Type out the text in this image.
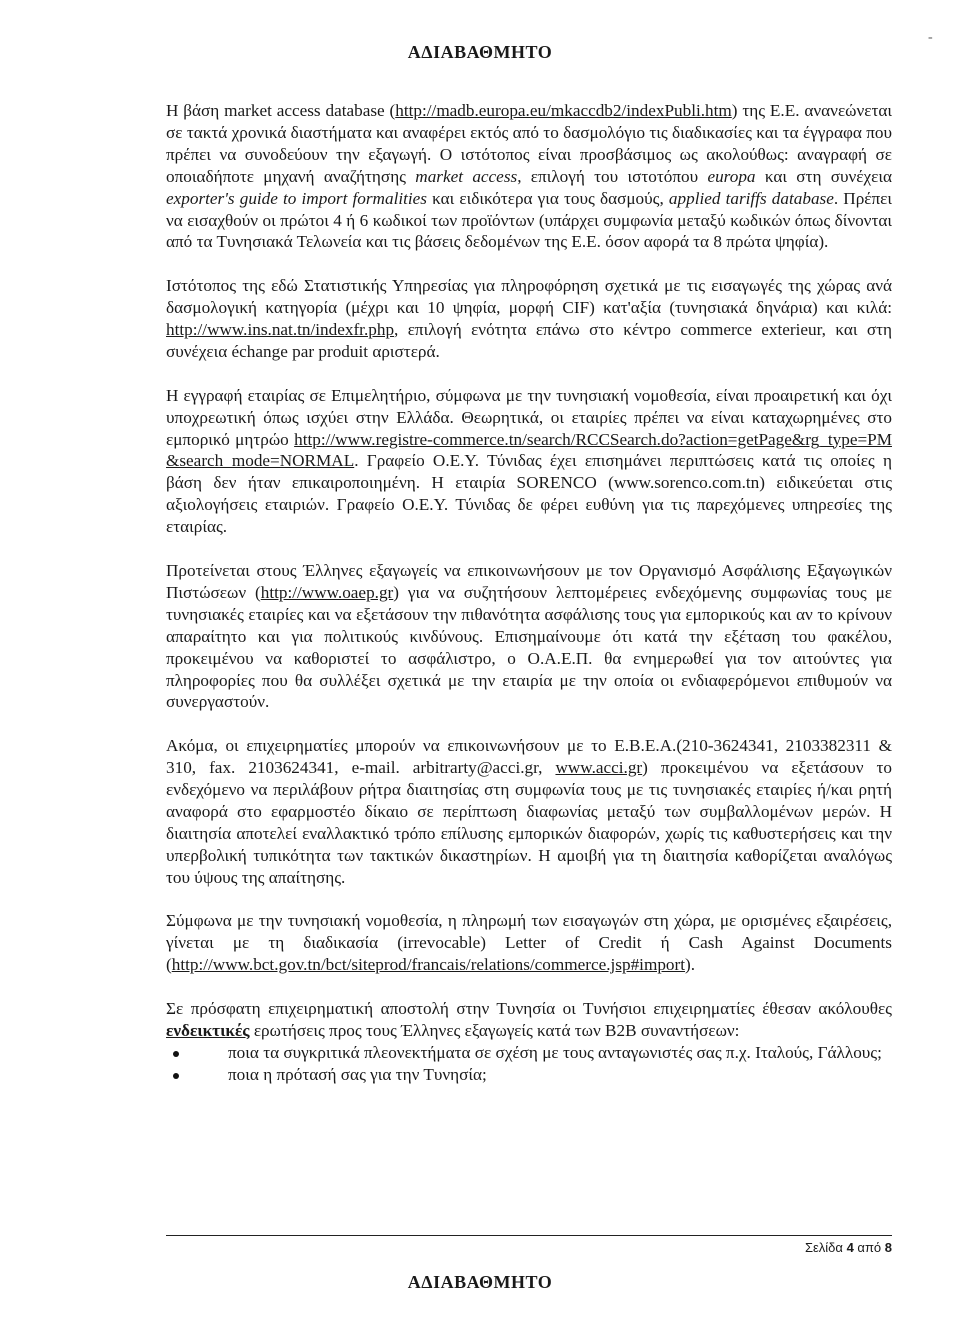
-
ΑΔΙΑΒΑΘΜΗΤΟ

Η βάση market access database (http://madb.europa.eu/mkaccdb2/indexPubli.htm) της Ε.Ε. ανανεώνεται σε τακτά χρονικά διαστήματα και αναφέρει εκτός από το δασμολόγιο τις διαδικασίες και τα έγγραφα που πρέπει να συνοδεύουν την εξαγωγή. Ο ιστότοπος είναι προσβάσιμος ως ακολούθως: αναγραφή σε οποιαδήποτε μηχανή αναζήτησης market access, επιλογή του ιστοτόπου europa και στη συνέχεια exporter's guide to import formalities και ειδικότερα για τους δασμούς, applied tariffs database. Πρέπει να εισαχθούν οι πρώτοι 4 ή 6 κωδικοί των προϊόντων (υπάρχει συμφωνία μεταξύ κωδικών όπως δίνονται από τα Τυνησιακά Τελωνεία και τις βάσεις δεδομένων της Ε.Ε. όσον αφορά τα 8 πρώτα ψηφία).

Ιστότοπος της εδώ Στατιστικής Υπηρεσίας για πληροφόρηση σχετικά με τις εισαγωγές της χώρας ανά δασμολογική κατηγορία (μέχρι και 10 ψηφία, μορφή CIF) κατ'αξία (τυνησιακά δηνάρια) και κιλά: http://www.ins.nat.tn/indexfr.php, επιλογή ενότητα επάνω στο κέντρο commerce exterieur, και στη συνέχεια échange par produit αριστερά.

Η εγγραφή εταιρίας σε Επιμελητήριο, σύμφωνα με την τυνησιακή νομοθεσία, είναι προαιρετική και όχι υποχρεωτική όπως ισχύει στην Ελλάδα. Θεωρητικά, οι εταιρίες πρέπει να είναι καταχωρημένες στο εμπορικό μητρώο http://www.registre-commerce.tn/search/RCCSearch.do?action=getPage&rg_type=PM&search_mode=NORMAL. Γραφείο Ο.Ε.Υ. Τύνιδας έχει επισημάνει περιπτώσεις κατά τις οποίες η βάση δεν ήταν επικαιροποιημένη. Η εταιρία SORENCO (www.sorenco.com.tn) ειδικεύεται στις αξιολογήσεις εταιριών. Γραφείο Ο.Ε.Υ. Τύνιδας δε φέρει ευθύνη για τις παρεχόμενες υπηρεσίες της εταιρίας.

Προτείνεται στους Έλληνες εξαγωγείς να επικοινωνήσουν με τον Οργανισμό Ασφάλισης Εξαγωγικών Πιστώσεων (http://www.oaep.gr) για να συζητήσουν λεπτομέρειες ενδεχόμενης συμφωνίας τους με τυνησιακές εταιρίες και να εξετάσουν την πιθανότητα ασφάλισης τους για εμπορικούς και αν το κρίνουν απαραίτητο και για πολιτικούς κινδύνους. Επισημαίνουμε ότι κατά την εξέταση του φακέλου, προκειμένου να καθοριστεί το ασφάλιστρο, ο Ο.Α.Ε.Π. θα ενημερωθεί για τον αιτούντες για πληροφορίες που θα συλλέξει σχετικά με την εταιρία με την οποία οι ενδιαφερόμενοι επιθυμούν να συνεργαστούν.

Ακόμα, οι επιχειρηματίες μπορούν να επικοινωνήσουν με το Ε.Β.Ε.Α.(210-3624341, 2103382311 & 310, fax. 2103624341, e-mail. arbitrarty@acci.gr, www.acci.gr) προκειμένου να εξετάσουν το ενδεχόμενο να περιλάβουν ρήτρα διαιτησίας στη συμφωνία τους με τις τυνησιακές εταιρίες ή/και ρητή αναφορά στο εφαρμοστέο δίκαιο σε περίπτωση διαφωνίας μεταξύ των συμβαλλομένων μερών. Η διαιτησία αποτελεί εναλλακτικό τρόπο επίλυσης εμπορικών διαφορών, χωρίς τις καθυστερήσεις και την υπερβολική τυπικότητα των τακτικών δικαστηρίων. Η αμοιβή για τη διαιτησία καθορίζεται αναλόγως του ύψους της απαίτησης.

Σύμφωνα με την τυνησιακή νομοθεσία, η πληρωμή των εισαγωγών στη χώρα, με ορισμένες εξαιρέσεις, γίνεται με τη διαδικασία (irrevocable) Letter of Credit ή Cash Against Documents (http://www.bct.gov.tn/bct/siteprod/francais/relations/commerce.jsp#import).

Σε πρόσφατη επιχειρηματική αποστολή στην Τυνησία οι Τυνήσιοι επιχειρηματίες έθεσαν ακόλουθες ενδεικτικές ερωτήσεις προς τους Έλληνες εξαγωγείς κατά των B2B συναντήσεων:

ποια τα συγκριτικά πλεονεκτήματα σε σχέση με τους ανταγωνιστές σας π.χ. Ιταλούς, Γάλλους;
ποια η πρότασή σας για την Τυνησία;
Σελίδα 4 από 8
ΑΔΙΑΒΑΘΜΗΤΟ
